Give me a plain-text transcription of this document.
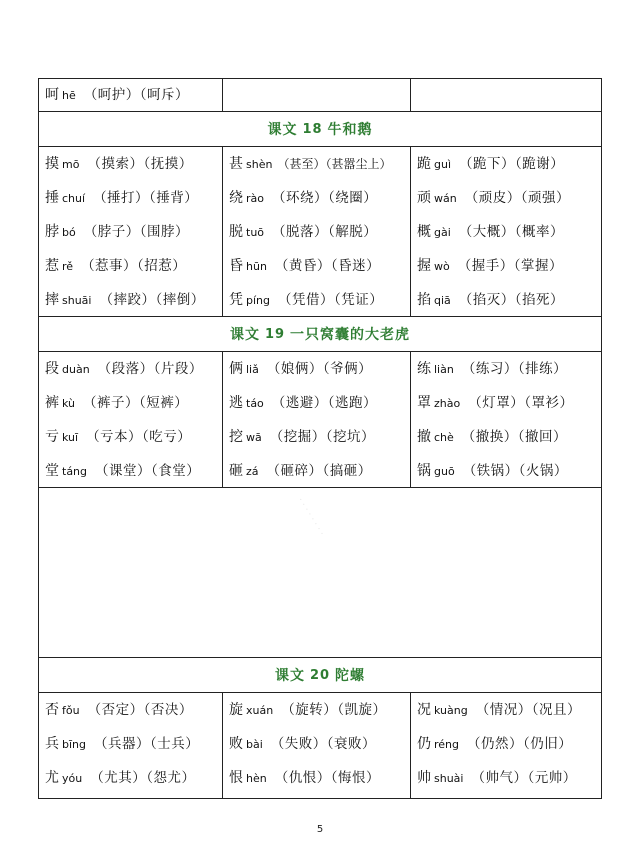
呵 hē （呵护）（呵斥）
课文 18 牛和鹅
摸 mō （摸索）（抚摸）
捶 chuí （捶打）（捶背）
脖 bó （脖子）（围脖）
惹 rě （惹事）（招惹）
摔 shuāi （摔跤）（摔倒）
甚 shèn （甚至）（甚嚣尘上）
绕 rào （环绕）（绕圈）
脱 tuō （脱落）（解脱）
昏 hūn （黄昏）（昏迷）
凭 píng （凭借）（凭证）
跪 guì （跪下）（跪谢）
顽 wán （顽皮）（顽强）
概 gài （大概）（概率）
握 wò （握手）（掌握）
掐 qiā （掐灭）（掐死）
课文 19 一只窝囊的大老虎
段 duàn （段落）（片段）
裤 kù （裤子）（短裤）
亏 kuī （亏本）（吃亏）
堂 táng （课堂）（食堂）
俩 liǎ （娘俩）（爷俩）
逃 táo （逃避）（逃跑）
挖 wā （挖掘）（挖坑）
砸 zá （砸碎）（搞砸）
练 liàn （练习）（排练）
罩 zhào （灯罩）（罩衫）
撤 chè （撤换）（撤回）
锅 guō （铁锅）（火锅）
· · · · · · · ·
课文 20 陀螺
否 fǒu （否定）（否决）
兵 bīng （兵器）（士兵）
尤 yóu （尤其）（怨尤）
旋 xuán （旋转）（凯旋）
败 bài （失败）（衰败）
恨 hèn （仇恨）（悔恨）
况 kuàng （情况）（况且）
仍 réng （仍然）（仍旧）
帅 shuài （帅气）（元帅）
5
